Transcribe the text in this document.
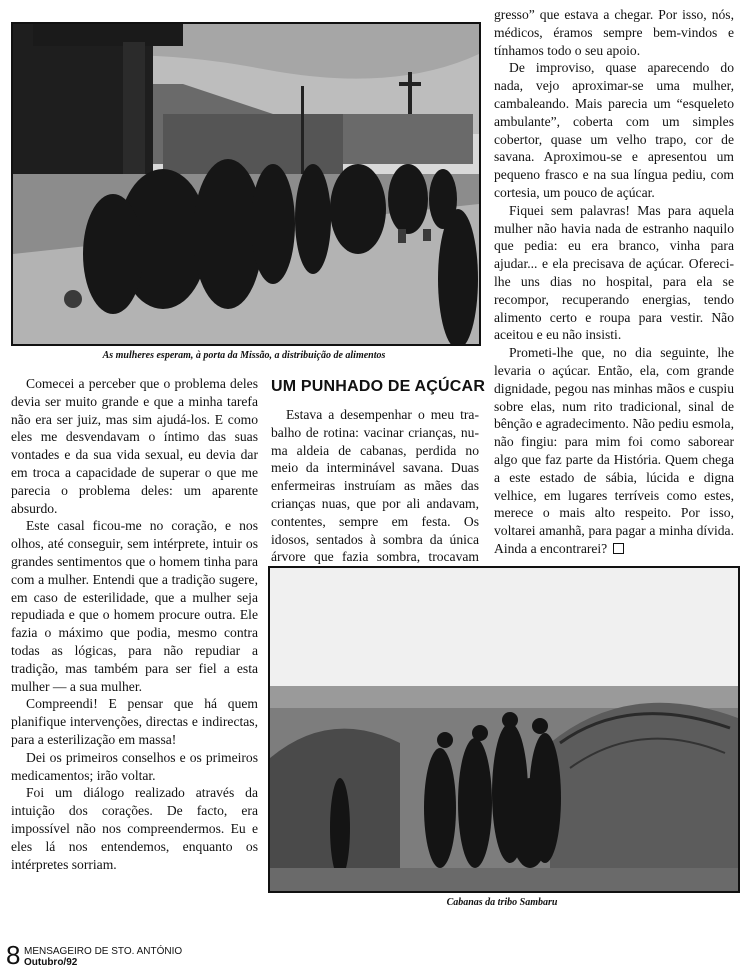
As mulheres esperam, à porta da Missão, a distribuição de alimentos

Comecei a perceber que o problema deles devia ser muito grande e que a minha tarefa não era ser juiz, mas sim ajudá-los. E como eles me desvendavam o íntimo das suas vontades e da sua vida sexual, eu devia dar em troca a capacidade de superar o que me parecia o problema deles: um aparente absurdo.

Este casal ficou-me no coração, e nos olhos, até conseguir, sem intérprete, intuir os grandes sentimentos que o homem tinha para com a mulher. Entendi que a tradição sugere, em caso de esterilidade, que a mulher seja repudiada e que o homem procure outra. Ele fazia o máximo que podia, mesmo contra todas as lógicas, para não repudiar a tradição, mas também para ser fiel a esta mulher — a sua mulher.

Compreendi! E pensar que há quem planifique intervenções, directas e indirectas, para a esterilização em massa!

Dei os primeiros conselhos e os primeiros medicamentos; irão voltar.

Foi um diálogo realizado através da intuição dos corações. De facto, era impossível não nos compreendermos. Eu e eles lá nos entendemos, enquanto os intérpretes sorriam.

UM PUNHADO DE AÇÚCAR

Estava a desempenhar o meu trabalho de rotina: vacinar crianças, numa aldeia de cabanas, perdida no meio da interminável savana. Duas enfermeiras instruíam as mães das crianças nuas, que por ali andavam, contentes, sempre em festa. Os idosos, sentados à sombra da única árvore que fazia sombra, trocavam

gresso” que estava a chegar. Por isso, nós, médicos, éramos sempre bem-vindos e tínhamos todo o seu apoio.

De improviso, quase aparecendo do nada, vejo aproximar-se uma mulher, cambaleando. Mais parecia um “esqueleto ambulante”, coberta com um simples cobertor, quase um velho trapo, cor de savana. Aproximou-se e apresentou um pequeno frasco e na sua língua pediu, com cortesia, um pouco de açúcar.

Fiquei sem palavras! Mas para aquela mulher não havia nada de estranho naquilo que pedia: eu era branco, vinha para ajudar... e ela precisava de açúcar. Ofereci-lhe uns dias no hospital, para ela se recompor, recuperando energias, tendo alimento certo e roupa para vestir. Não aceitou e eu não insisti.

Prometi-lhe que, no dia seguinte, lhe levaria o açúcar. Então, ela, com grande dignidade, pegou nas minhas mãos e cuspiu sobre elas, num rito tradicional, sinal de bênção e agradecimento. Não pediu esmola, não fingiu: para mim foi como saborear algo que faz parte da História. Quem chega a este estado de sábia, lúcida e digna velhice, em lugares terríveis como estes, merece o mais alto respeito. Por isso, voltarei amanhã, para pagar a minha dívida. Ainda a encontrarei?

Cabanas da tribo Sambaru
8 MENSAGEIRO DE STO. ANTÓNIO
Outubro/92
